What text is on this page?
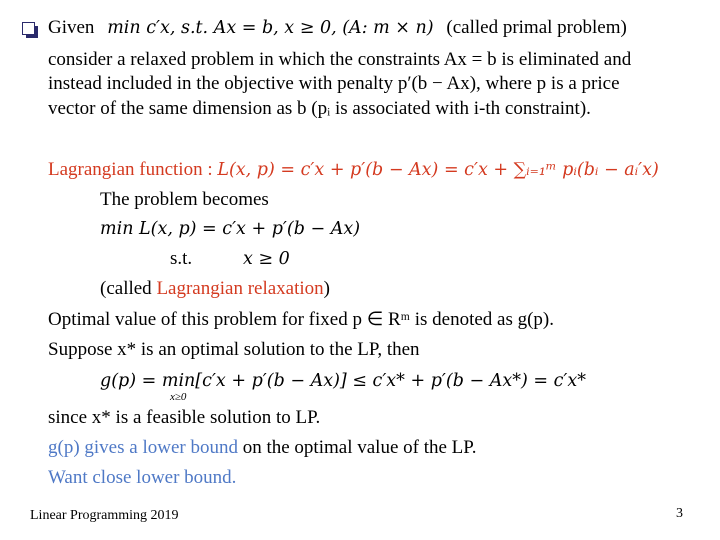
Given min c′x, s.t. Ax = b, x ≥ 0, (A: m × n) (called primal problem)
consider a relaxed problem in which the constraints Ax = b is eliminated and
instead included in the objective with penalty p′(b − Ax), where p is a price
vector of the same dimension as b (pᵢ is associated with i-th constraint).
Lagrangian function : L(x, p) = c′x + p′(b − Ax) = c′x + ∑ᵢ₌₁ᵐ pᵢ(bᵢ − aᵢ′x)
The problem becomes
min L(x, p) = c′x + p′(b − Ax)
s.t.	x ≥ 0
(called Lagrangian relaxation)
Optimal value of this problem for fixed p ∈ Rᵐ is denoted as g(p).
Suppose x* is an optimal solution to the LP, then
g(p) = min[c′x + p′(b − Ax)] ≤ c′x* + p′(b − Ax*) = c′x*
x≥0
since x* is a feasible solution to LP.
g(p) gives a lower bound on the optimal value of the LP.
Want close lower bound.
Linear Programming 2019	3
